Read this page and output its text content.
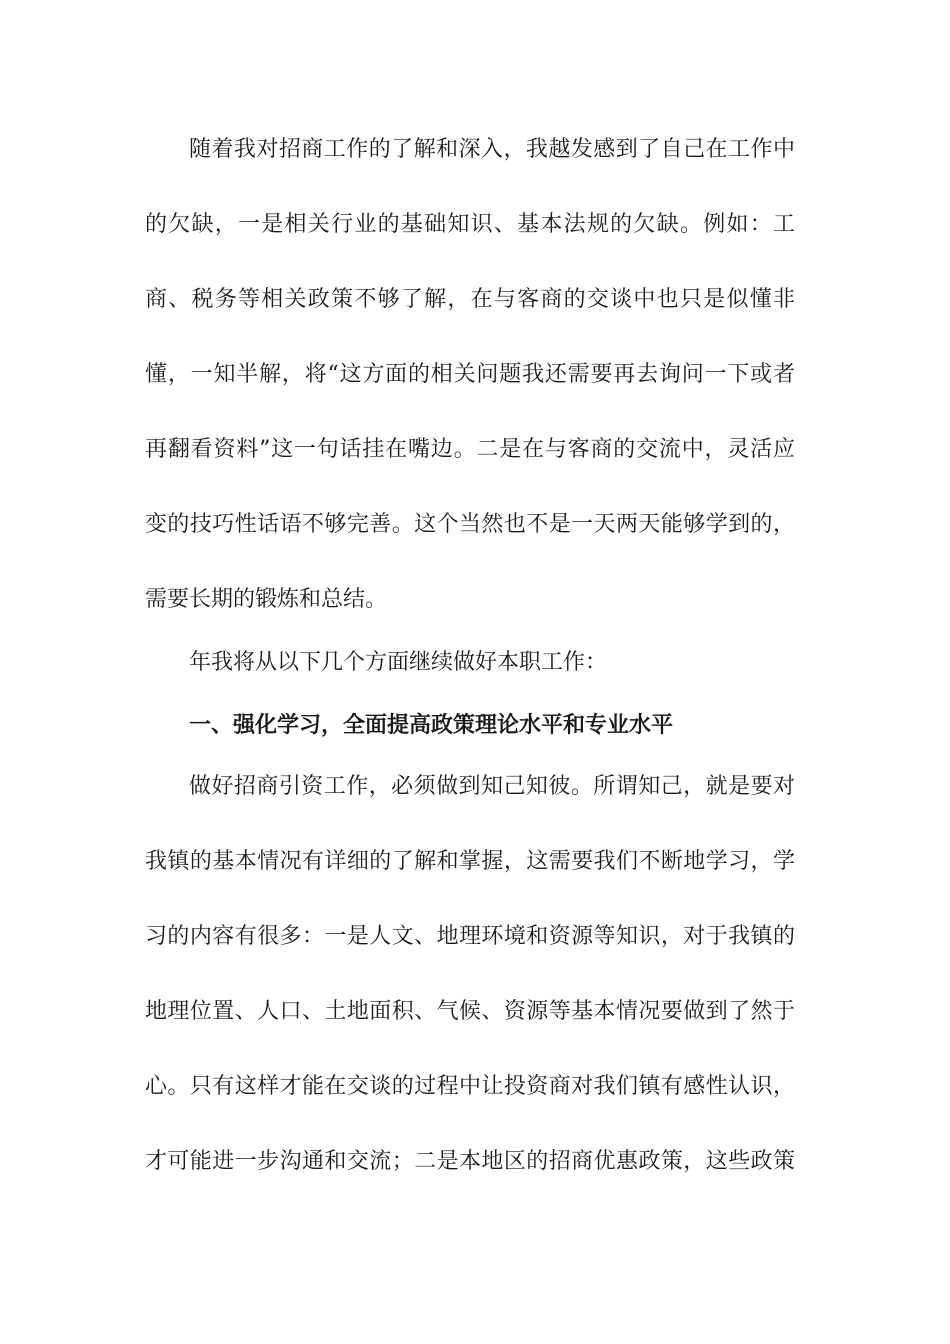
随着我对招商工作的了解和深入，我越发感到了自己在工作中
的欠缺，一是相关行业的基础知识、基本法规的欠缺。例如：工
商、税务等相关政策不够了解，在与客商的交谈中也只是似懂非
懂，一知半解，将“这方面的相关问题我还需要再去询问一下或者
再翻看资料”这一句话挂在嘴边。二是在与客商的交流中，灵活应
变的技巧性话语不够完善。这个当然也不是一天两天能够学到的，
需要长期的锻炼和总结。
年我将从以下几个方面继续做好本职工作：
一、强化学习，全面提高政策理论水平和专业水平
做好招商引资工作，必须做到知己知彼。所谓知己，就是要对
我镇的基本情况有详细的了解和掌握，这需要我们不断地学习，学
习的内容有很多：一是人文、地理环境和资源等知识，对于我镇的
地理位置、人口、土地面积、气候、资源等基本情况要做到了然于
心。只有这样才能在交谈的过程中让投资商对我们镇有感性认识，
才可能进一步沟通和交流；二是本地区的招商优惠政策，这些政策
